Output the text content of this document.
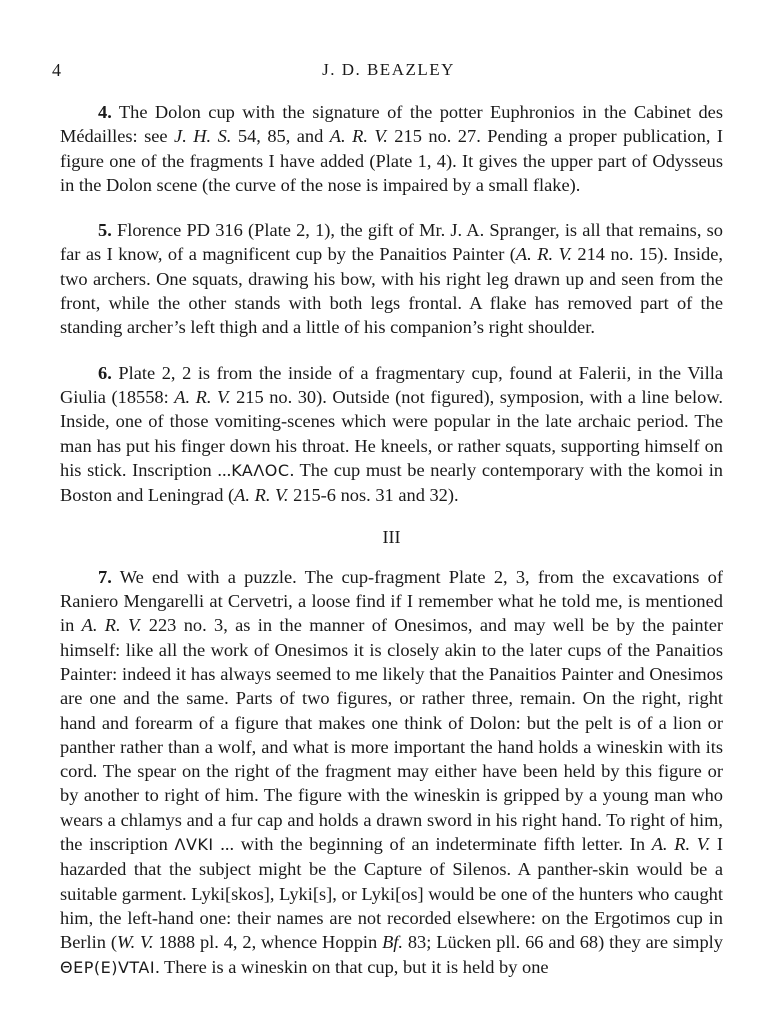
4	J. D. BEAZLEY

4. The Dolon cup with the signature of the potter Euphronios in the Cabinet des Médailles: see J. H. S. 54, 85, and A. R. V. 215 no. 27. Pending a proper publication, I figure one of the fragments I have added (Plate 1, 4). It gives the upper part of Odysseus in the Dolon scene (the curve of the nose is impaired by a small flake).

5. Florence PD 316 (Plate 2, 1), the gift of Mr. J. A. Spranger, is all that remains, so far as I know, of a magnificent cup by the Panaitios Painter (A. R. V. 214 no. 15). Inside, two archers. One squats, drawing his bow, with his right leg drawn up and seen from the front, while the other stands with both legs frontal. A flake has removed part of the standing archer’s left thigh and a little of his companion’s right shoulder.

6. Plate 2, 2 is from the inside of a fragmentary cup, found at Falerii, in the Villa Giulia (18558: A. R. V. 215 no. 30). Outside (not figured), symposion, with a line below. Inside, one of those vomiting-scenes which were popular in the late archaic period. The man has put his finger down his throat. He kneels, or rather squats, supporting himself on his stick. Inscription ...KAΛOC. The cup must be nearly contemporary with the komoi in Boston and Leningrad (A. R. V. 215-6 nos. 31 and 32).

III

7. We end with a puzzle. The cup-fragment Plate 2, 3, from the excavations of Raniero Mengarelli at Cervetri, a loose find if I remember what he told me, is mentioned in A. R. V. 223 no. 3, as in the manner of Onesimos, and may well be by the painter himself: like all the work of Onesimos it is closely akin to the later cups of the Panaitios Painter: indeed it has always seemed to me likely that the Panaitios Painter and Onesimos are one and the same. Parts of two figures, or rather three, remain. On the right, right hand and forearm of a figure that makes one think of Dolon: but the pelt is of a lion or panther rather than a wolf, and what is more important the hand holds a wineskin with its cord. The spear on the right of the fragment may either have been held by this figure or by another to right of him. The figure with the wineskin is gripped by a young man who wears a chlamys and a fur cap and holds a drawn sword in his right hand. To right of him, the inscription ΛVKI ... with the beginning of an indeterminate fifth letter. In A. R. V. I hazarded that the subject might be the Capture of Silenos. A panther-skin would be a suitable garment. Lyki[skos], Lyki[s], or Lyki[os] would be one of the hunters who caught him, the left-hand one: their names are not recorded elsewhere: on the Ergotimos cup in Berlin (W. V. 1888 pl. 4, 2, whence Hoppin Bf. 83; Lücken pll. 66 and 68) they are simply ΘEP(E)VTAI. There is a wineskin on that cup, but it is held by one
